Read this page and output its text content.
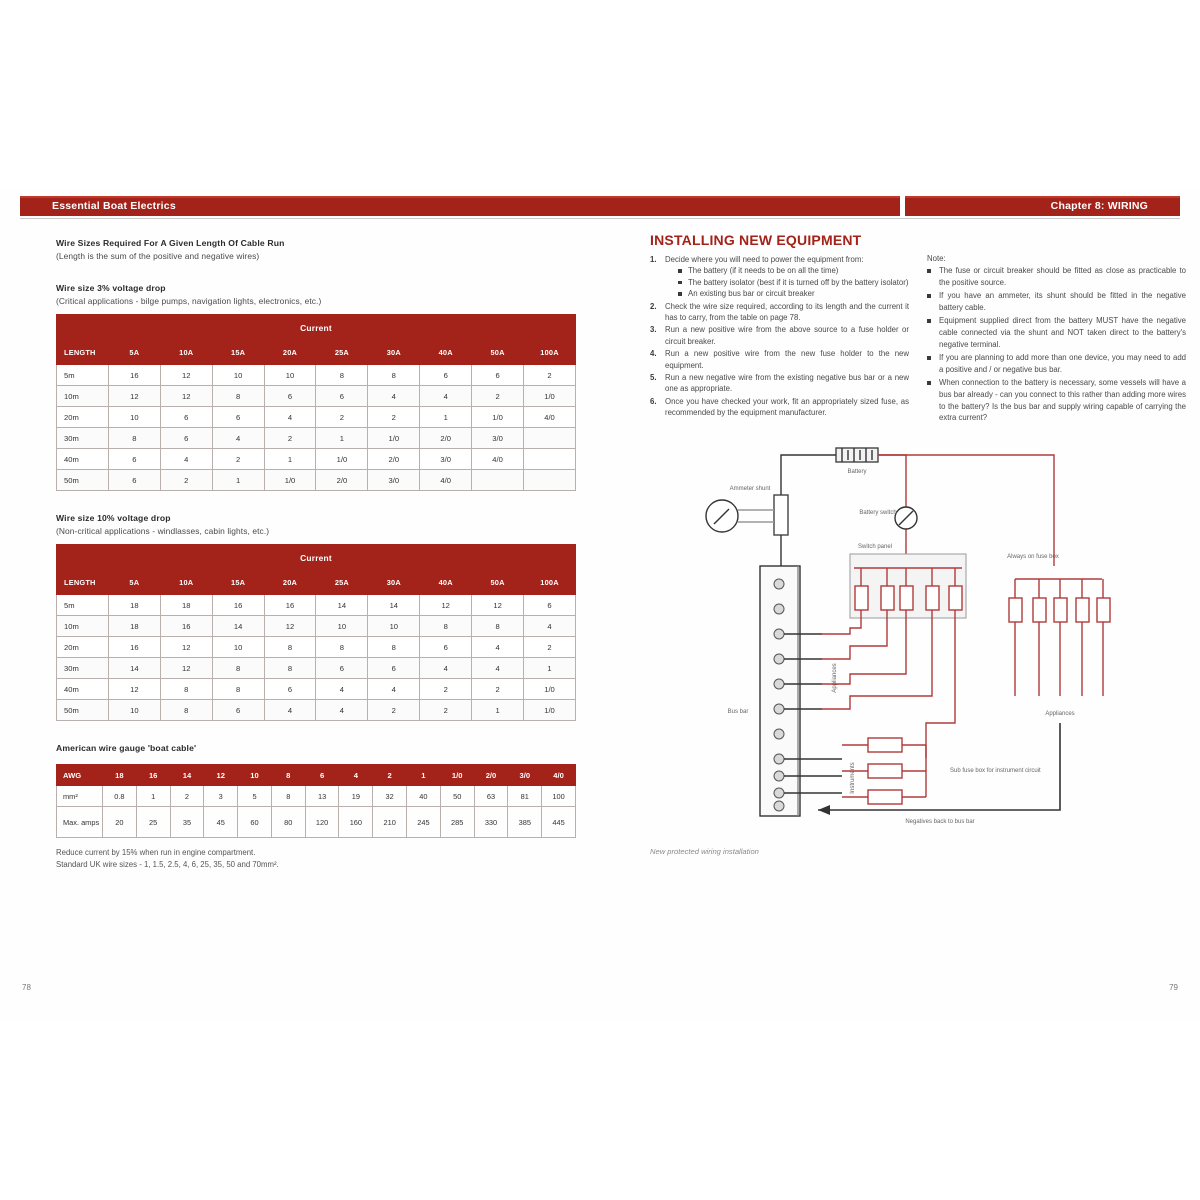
Essential Boat Electrics	Chapter 8: WIRING
Wire Sizes Required For A Given Length Of Cable Run
(Length is the sum of the positive and negative wires)
Wire size 3% voltage drop
(Critical applications - bilge pumps, navigation lights, electronics, etc.)
Current									
LENGTH	5A	10A	15A	20A	25A	30A	40A	50A	100A
5m	16	12	10	10	8	8	6	6	2
10m	12	12	8	6	6	4	4	2	1/0
20m	10	6	6	4	2	2	1	1/0	4/0
30m	8	6	4	2	1	1/0	2/0	3/0	
40m	6	4	2	1	1/0	2/0	3/0	4/0	
50m	6	2	1	1/0	2/0	3/0	4/0		
Wire size 10% voltage drop
(Non-critical applications - windlasses, cabin lights, etc.)
Current									
LENGTH	5A	10A	15A	20A	25A	30A	40A	50A	100A
5m	18	18	16	16	14	14	12	12	6
10m	18	16	14	12	10	10	8	8	4
20m	16	12	10	8	8	8	6	4	2
30m	14	12	8	8	6	6	4	4	1
40m	12	8	8	6	4	4	2	2	1/0
50m	10	8	6	4	4	2	2	1	1/0
American wire gauge 'boat cable'
AWG	18	16	14	12	10	8	6	4	2	1	1/0	2/0	3/0	4/0
mm²	0.8	1	2	3	5	8	13	19	32	40	50	63	81	100
Max. amps	20	25	35	45	60	80	120	160	210	245	285	330	385	445
Reduce current by 15% when run in engine compartment.
Standard UK wire sizes - 1, 1.5, 2.5, 4, 6, 25, 35, 50 and 70mm².
INSTALLING NEW EQUIPMENT
Decide where you will need to power the equipment from:
The battery (if it needs to be on all the time)
The battery isolator (best if it is turned off by the battery isolator)
An existing bus bar or circuit breaker
Check the wire size required, according to its length and the current it has to carry, from the table on page 78.
Run a new positive wire from the above source to a fuse holder or circuit breaker.
Run a new positive wire from the new fuse holder to the new equipment.
Run a new negative wire from the existing negative bus bar or a new one as appropriate.
Once you have checked your work, fit an appropriately sized fuse, as recommended by the equipment manufacturer.
Note:
The fuse or circuit breaker should be fitted as close as practicable to the positive source.
If you have an ammeter, its shunt should be fitted in the negative battery cable.
Equipment supplied direct from the battery MUST have the negative cable connected via the shunt and NOT taken direct to the battery's negative terminal.
If you are planning to add more than one device, you may need to add a positive and / or negative bus bar.
When connection to the battery is necessary, some vessels will have a bus bar already - can you connect to this rather than adding more wires to the battery? Is the bus bar and supply wiring capable of carrying the extra current?
Battery
Ammeter shunt
Bus bar
Appliances
Instruments
Battery switch
Switch panel
Sub fuse box for instrument circuit
Always on fuse box
Appliances
Negatives back to bus bar
New protected wiring installation
78	79
